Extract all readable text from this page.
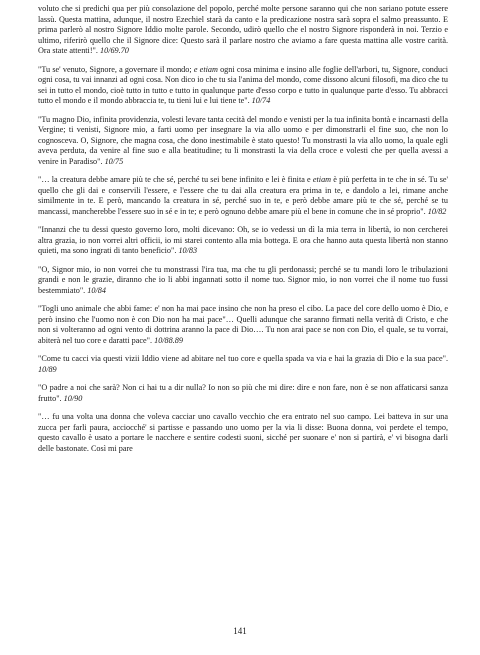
voluto che si predichi qua per più consolazione del popolo, perché molte persone saranno qui che non sariano potute essere lassù. Questa mattina, adunque, il nostro Ezechiel starà da canto e la predicazione nostra sarà sopra el salmo preassunto. E prima parlerò al nostro Signore Iddio molte parole. Secondo, udirò quello che el nostro Signore risponderà in noi. Terzio e ultimo, riferirò quello che il Signore dice: Questo sarà il parlare nostro che aviamo a fare questa mattina alle vostre carità. Ora state attenti!". 10/69.70

"Tu se' venuto, Signore, a governare il mondo; e etiam ogni cosa minima e insino alle foglie dell'arbori, tu, Signore, conduci ogni cosa, tu vai innanzi ad ogni cosa. Non dico io che tu sia l'anima del mondo, come dissono alcuni filosofi, ma dico che tu sei in tutto el mondo, cioè tutto in tutto e tutto in qualunque parte d'esso corpo e tutto in qualunque parte d'esso. Tu abbracci tutto el mondo e il mondo abbraccia te, tu tieni lui e lui tiene te". 10/74

"Tu magno Dio, infinita providenzia, volesti levare tanta cecità del mondo e venisti per la tua infinita bontà e incarnasti della Vergine; ti venisti, Signore mio, a farti uomo per insegnare la via allo uomo e per dimonstrarli el fine suo, che non lo cognosceva. O, Signore, che magna cosa, che dono inestimabile è stato questo! Tu monstrasti la via allo uomo, la quale egli aveva perduta, da venire al fine suo e alla beatitudine; tu li monstrasti la via della croce e volesti che per quella avessi a venire in Paradiso". 10/75

"… la creatura debbe amare più te che sé, perché tu sei bene infinito e lei è finita e etiam è più perfetta in te che in sé. Tu se' quello che gli dai e conservili l'essere, e l'essere che tu dai alla creatura era prima in te, e dandolo a lei, rimane anche similmente in te. E però, mancando la creatura in sé, perché suo in te, e però debbe amare più te che sé, perché se tu mancassi, mancherebbe l'essere suo in sé e in te; e però ognuno debbe amare più el bene in comune che in sé proprio". 10/82

"Innanzi che tu dessi questo governo loro, molti dicevano: Oh, se io vedessi un dì la mia terra in libertà, io non cercherei altra grazia, io non vorrei altri officii, io mi starei contento alla mia bottega. E ora che hanno auta questa libertà non stanno quieti, ma sono ingrati di tanto beneficio". 10/83

"O, Signor mio, io non vorrei che tu monstrassi l'ira tua, ma che tu gli perdonassi; perché se tu mandi loro le tribulazioni grandi e non le grazie, diranno che io li abbi ingannati sotto il nome tuo. Signor mio, io non vorrei che il nome tuo fussi bestemmiato". 10/84

"Togli uno animale che abbi fame: e' non ha mai pace insino che non ha preso el cibo. La pace del core dello uomo è Dio, e però insino che l'uomo non è con Dio non ha mai pace"… Quelli adunque che saranno firmati nella verità di Cristo, e che non si volteranno ad ogni vento di dottrina aranno la pace di Dio…. Tu non arai pace se non con Dio, el quale, se tu vorrai, abiterà nel tuo core e daratti pace". 10/88.89

"Come tu cacci via questi vizii Iddio viene ad abitare nel tuo core e quella spada va via e hai la grazia di Dio e la sua pace". 10/89

"O padre a noi che sarà? Non ci hai tu a dir nulla? Io non so più che mi dire: dire e non fare, non è se non affaticarsi sanza frutto". 10/90

"… fu una volta una donna che voleva cacciar uno cavallo vecchio che era entrato nel suo campo. Lei batteva in sur una zucca per farli paura, acciocché' si partisse e passando uno uomo per la via li disse: Buona donna, voi perdete el tempo, questo cavallo è usato a portare le nacchere e sentire codesti suoni, sicché per suonare e' non si partirà, e' vi bisogna darli delle bastonate. Così mi pare

141
